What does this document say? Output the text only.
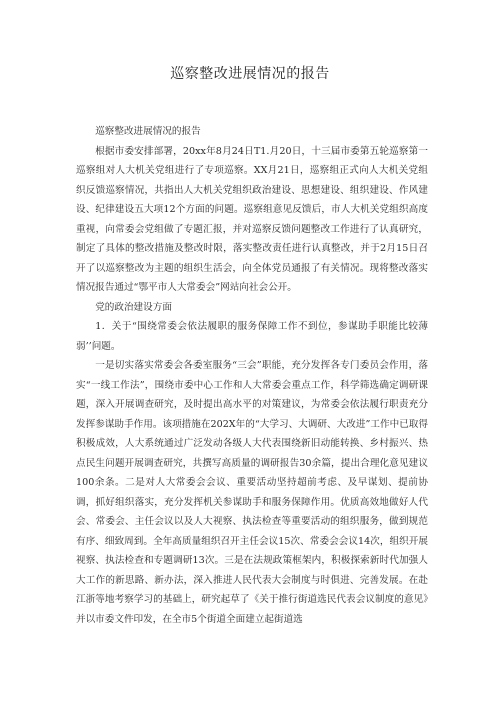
巡察整改进展情况的报告

巡察整改进展情况的报告

根据市委安排部署，20xx年8月24日T1.月20日，十三届市委第五轮巡察第一巡察组对人大机关党组进行了专项巡察。XX月21日，巡察组正式向人大机关党组织反馈巡察情况，共指出人大机关党组织政治建设、思想建设、组织建设、作风建设、纪律建设五大项12个方面的问题。巡察组意见反馈后，市人大机关党组织高度重视，向常委会党组做了专题汇报，并对巡察反馈问题整改工作进行了认真研究，制定了具体的整改措施及整改时限，落实整改责任进行认真整改，并于2月15日召开了以巡察整改为主题的组织生活会，向全体党员通报了有关情况。现将整改落实情况报告通过“鄂平市人大常委会”网站向社会公开。

党的政治建设方面

1．关于“围绕常委会依法履职的服务保障工作不到位，参谋助手职能比较薄弱’’问题。

一是切实落实常委会各委室服务“三会”职能，充分发挥各专门委员会作用，落实“一线工作法”，围绕市委中心工作和人大常委会重点工作，科学筛选确定调研课题，深入开展调查研究，及时提出高水平的对策建议，为常委会依法履行职责充分发挥参谋助手作用。该项措施在202X年的“大学习、大调研、大改进”工作中已取得积极成效，人大系统通过广泛发动各级人大代表围绕新旧动能转换、乡村振兴、热点民生问题开展调查研究，共撰写高质量的调研报告30余篇，提出合理化意见建议100余条。二是对人大常委会会议、重要活动坚持超前考虑、及早谋划、提前协调，抓好组织落实，充分发挥机关参谋助手和服务保障作用。优质高效地做好人代会、常委会、主任会议以及人大视察、执法检查等重要活动的组织服务，做到规范有序、细致周到。全年高质量组织召开主任会议15次、常委会会议14次，组织开展视察、执法检查和专题调研13次。三是在法规政策框架内，积极探索新时代加强人大工作的新思路、新办法，深入推进人民代表大会制度与时俱进、完善发展。在赴江浙等地考察学习的基础上，研究起草了《关于推行街道选民代表会议制度的意见》并以市委文件印发，在全市5个街道全面建立起街道选
